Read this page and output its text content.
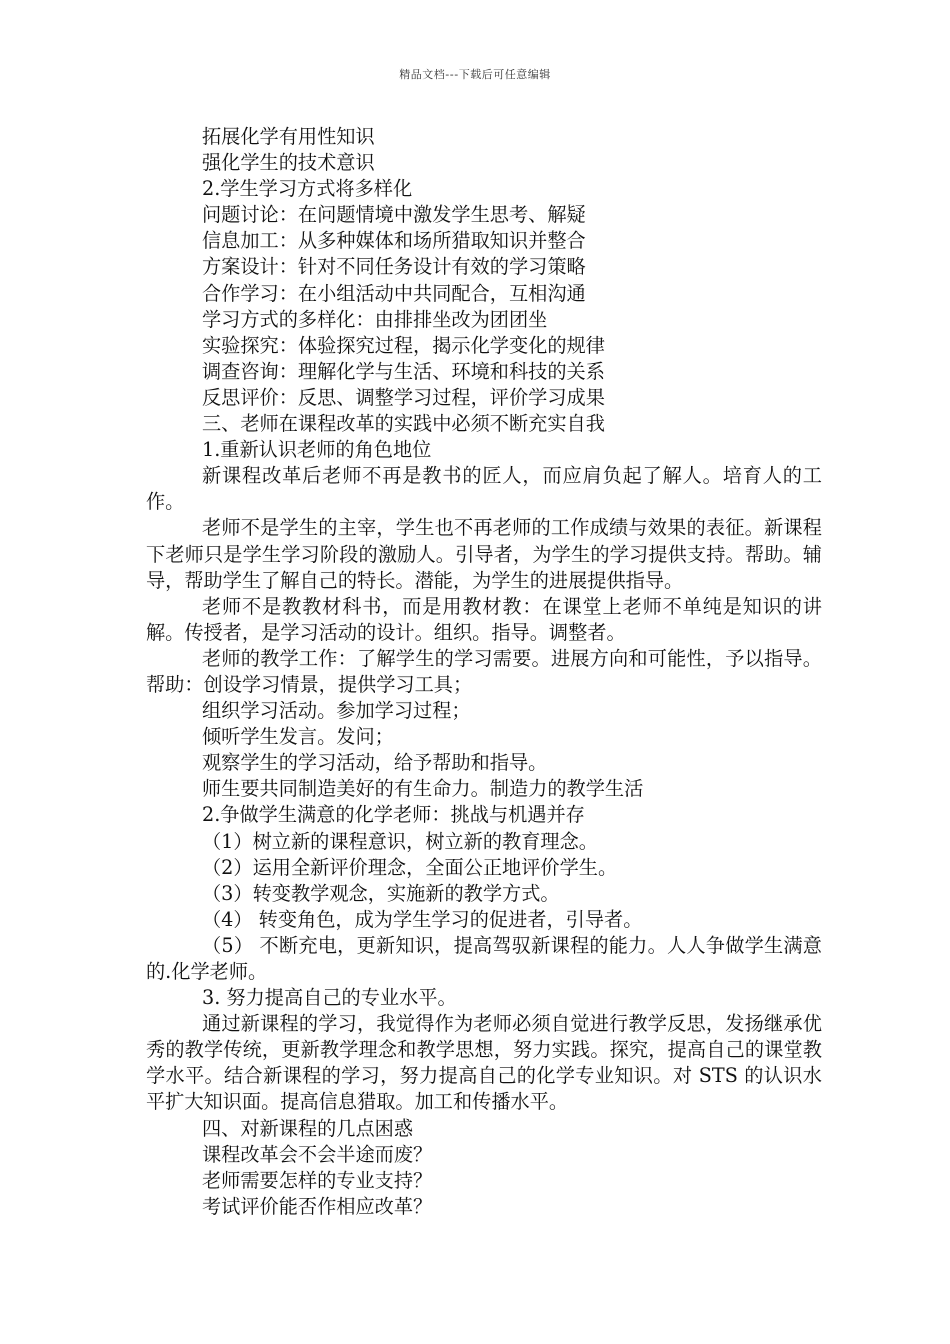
精品文档---下载后可任意编辑
拓展化学有用性知识
强化学生的技术意识
2.学生学习方式将多样化
问题讨论：在问题情境中激发学生思考、解疑
信息加工：从多种媒体和场所猎取知识并整合
方案设计：针对不同任务设计有效的学习策略
合作学习：在小组活动中共同配合，互相沟通
学习方式的多样化：由排排坐改为团团坐
实验探究：体验探究过程，揭示化学变化的规律
调查咨询：理解化学与生活、环境和科技的关系
反思评价：反思、调整学习过程，评价学习成果
三、老师在课程改革的实践中必须不断充实自我
1.重新认识老师的角色地位
新课程改革后老师不再是教书的匠人，而应肩负起了解人。培育人的工作。
老师不是学生的主宰，学生也不再老师的工作成绩与效果的表征。新课程下老师只是学生学习阶段的激励人。引导者，为学生的学习提供支持。帮助。辅导，帮助学生了解自己的特长。潜能，为学生的进展提供指导。
老师不是教教材科书，而是用教材教：在课堂上老师不单纯是知识的讲解。传授者，是学习活动的设计。组织。指导。调整者。
老师的教学工作：了解学生的学习需要。进展方向和可能性，予以指导。帮助：创设学习情景，提供学习工具；
组织学习活动。参加学习过程；
倾听学生发言。发问；
观察学生的学习活动，给予帮助和指导。
师生要共同制造美好的有生命力。制造力的教学生活
2.争做学生满意的化学老师：挑战与机遇并存
（1）树立新的课程意识，树立新的教育理念。
（2）运用全新评价理念，全面公正地评价学生。
（3）转变教学观念，实施新的教学方式。
（4） 转变角色，成为学生学习的促进者，引导者。
（5） 不断充电，更新知识，提高驾驭新课程的能力。人人争做学生满意的.化学老师。
3. 努力提高自己的专业水平。
通过新课程的学习，我觉得作为老师必须自觉进行教学反思，发扬继承优秀的教学传统，更新教学理念和教学思想，努力实践。探究，提高自己的课堂教学水平。结合新课程的学习，努力提高自己的化学专业知识。对 STS 的认识水平扩大知识面。提高信息猎取。加工和传播水平。
四、对新课程的几点困惑
课程改革会不会半途而废？
老师需要怎样的专业支持？
考试评价能否作相应改革？
